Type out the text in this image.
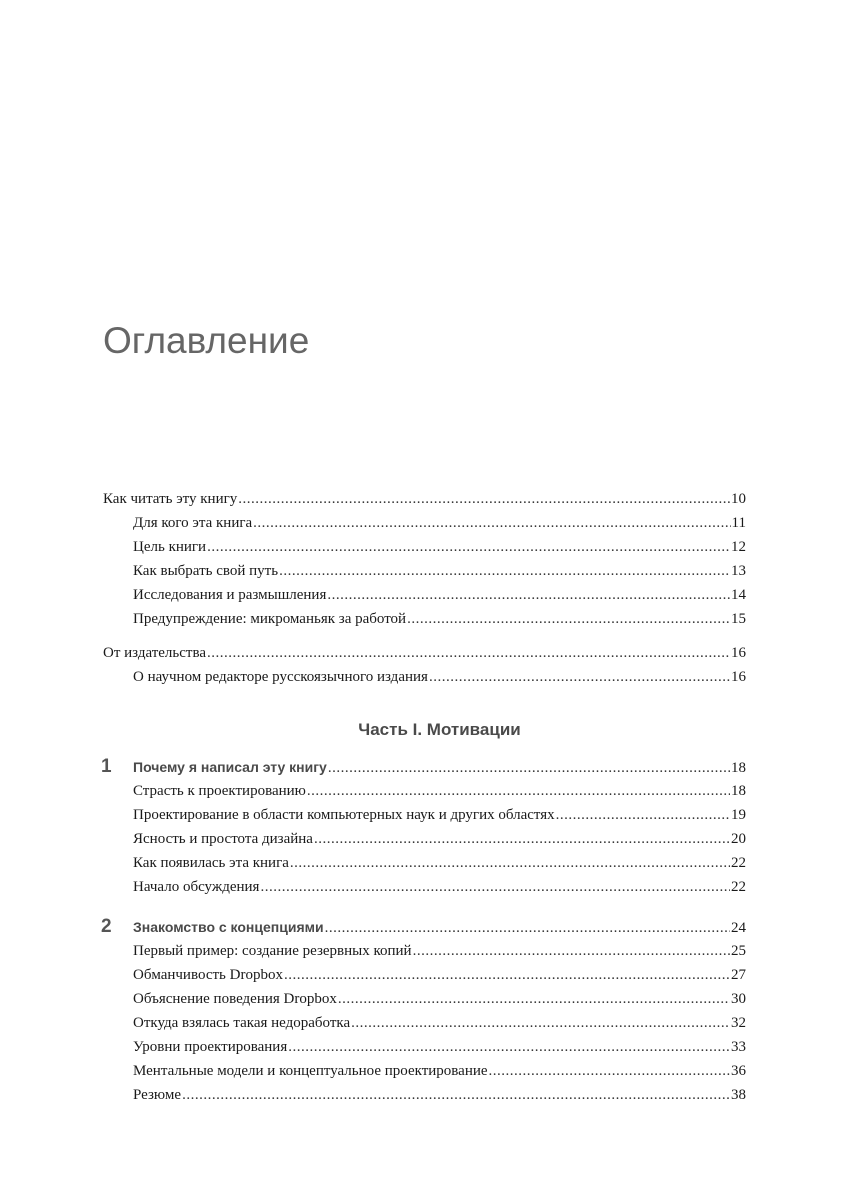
Оглавление
Как читать эту книгу .....	10
Для кого эта книга .....	11
Цель книги .....	12
Как выбрать свой путь .....	13
Исследования и размышления .....	14
Предупреждение: микроманьяк за работой .....	15
От издательства .....	16
О научном редакторе русскоязычного издания .....	16
Часть I. Мотивации
1 Почему я написал эту книгу .....	18
Страсть к проектированию .....	18
Проектирование в области компьютерных наук и других областях .....	19
Ясность и простота дизайна .....	20
Как появилась эта книга .....	22
Начало обсуждения .....	22
2 Знакомство с концепциями .....	24
Первый пример: создание резервных копий .....	25
Обманчивость Dropbox .....	27
Объяснение поведения Dropbox .....	30
Откуда взялась такая недоработка .....	32
Уровни проектирования .....	33
Ментальные модели и концептуальное проектирование .....	36
Резюме .....	38
